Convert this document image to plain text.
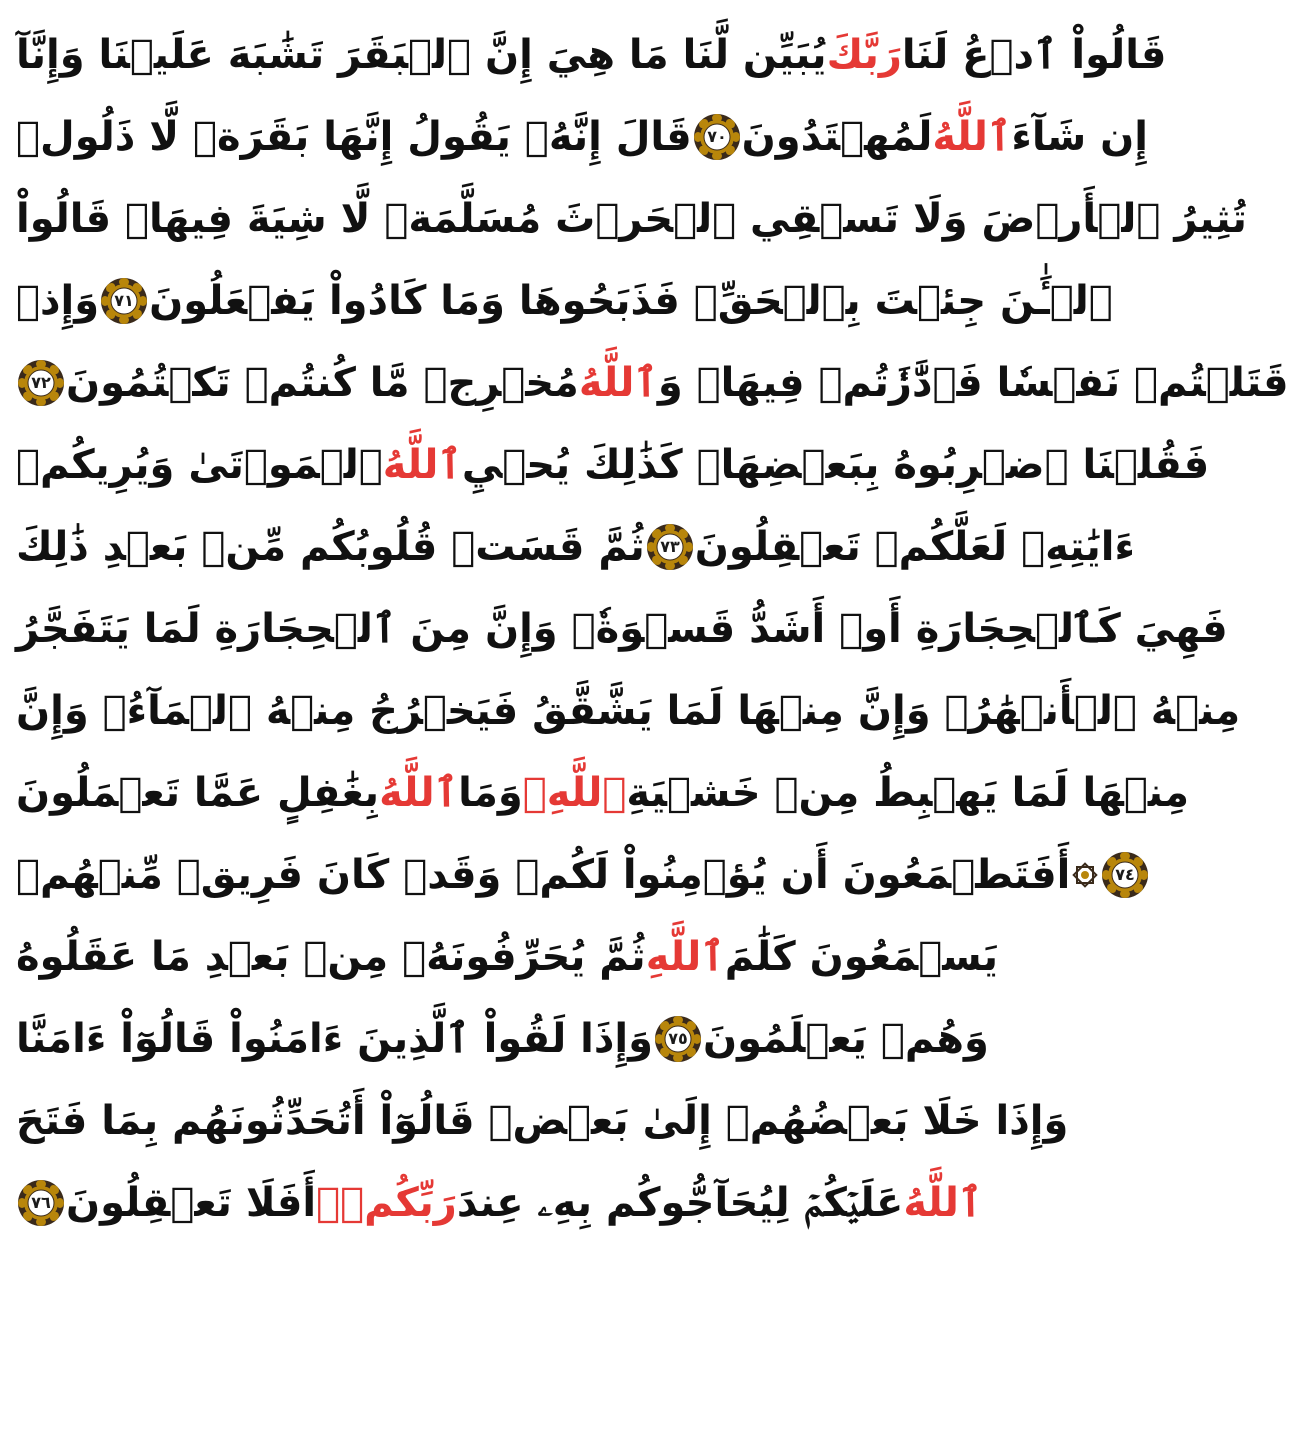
يُبَيِّن لَّنَا مَا هِيَ إِنَّ ٱلۡبَقَرَ تَشَٰبَهَ عَلَيۡنَا وَإِنَّآ رَبَّكَ قَالُواْ ٱدۡعُ لَنَا
قَالَ إِنَّهُۥ يَقُولُ إِنَّهَا بَقَرَةٞ لَّا ذَلُولٞ ٧٠ لَمُهۡتَدُونَ ٱللَّهُ إِن شَآءَ
تُثِيرُ ٱلۡأَرۡضَ وَلَا تَسۡقِي ٱلۡحَرۡثَ مُسَلَّمَةٞ لَّا شِيَةَ فِيهَاۚ قَالُواْ
وَإِذۡ ٧١ ٱلۡـَٰٔنَ جِئۡتَ بِٱلۡحَقِّۚ فَذَبَحُوهَا وَمَا كَادُواْ يَفۡعَلُونَ
٧٢ مُخۡرِجٞ مَّا كُنتُمۡ تَكۡتُمُونَ ٱللَّهُ قَتَلۡتُمۡ نَفۡسٗا فَٱدَّٰرَٰٔتُمۡ فِيهَاۖ وَ
ٱلۡمَوۡتَىٰ وَيُرِيكُمۡ ٱللَّهُ فَقُلۡنَا ٱضۡرِبُوهُ بِبَعۡضِهَاۚ كَذَٰلِكَ يُحۡيِ
ثُمَّ قَسَتۡ قُلُوبُكُم مِّنۢ بَعۡدِ ذَٰلِكَ ٧٣ ءَايَٰتِهِۦ لَعَلَّكُمۡ تَعۡقِلُونَ
فَهِيَ كَٱلۡحِجَارَةِ أَوۡ أَشَدُّ قَسۡوَةٗۚ وَإِنَّ مِنَ ٱلۡحِجَارَةِ لَمَا يَتَفَجَّرُ
مِنۡهُ ٱلۡأَنۡهَٰرُۚ وَإِنَّ مِنۡهَا لَمَا يَشَّقَّقُ فَيَخۡرُجُ مِنۡهُ ٱلۡمَآءُۚ وَإِنَّ
بِغَٰفِلٍ عَمَّا تَعۡمَلُونَ ٱللَّهُ وَمَا ٱللَّهِۗ مِنۡهَا لَمَا يَهۡبِطُ مِنۡ خَشۡيَةِ
أَفَتَطۡمَعُونَ أَن يُؤۡمِنُواْ لَكُمۡ وَقَدۡ كَانَ فَرِيقٞ مِّنۡهُمۡ	٧٤
ثُمَّ يُحَرِّفُونَهُۥ مِنۢ بَعۡدِ مَا عَقَلُوهُ ٱللَّهِ يَسۡمَعُونَ كَلَٰمَ
وَإِذَا لَقُواْ ٱلَّذِينَ ءَامَنُواْ قَالُوٓاْ ءَامَنَّا ٧٥ وَهُمۡ يَعۡلَمُونَ
وَإِذَا خَلَا بَعۡضُهُمۡ إِلَىٰ بَعۡضٖ قَالُوٓاْ أَتُحَدِّثُونَهُم بِمَا فَتَحَ
٧٦ أَفَلَا تَعۡقِلُونَ رَبِّكُمۡۚ عَلَيۡكُمۡ لِيُحَآجُّوكُم بِهِۦ عِندَ ٱللَّهُ
